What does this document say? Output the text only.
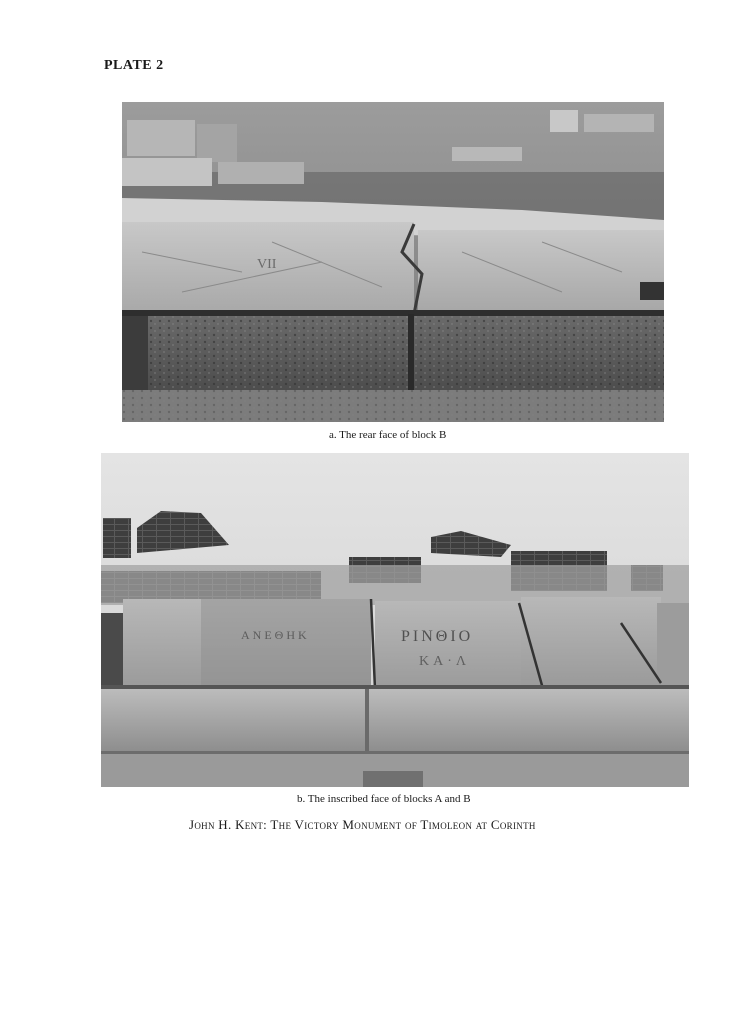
PLATE 2
VII
a. The rear face of block B
ΡΙΝΘΙΟ
ΚΑ·Λ
ΑΝΕΘΗΚ
b. The inscribed face of blocks A and B
John H. Kent: The Victory Monument of Timoleon at Corinth
